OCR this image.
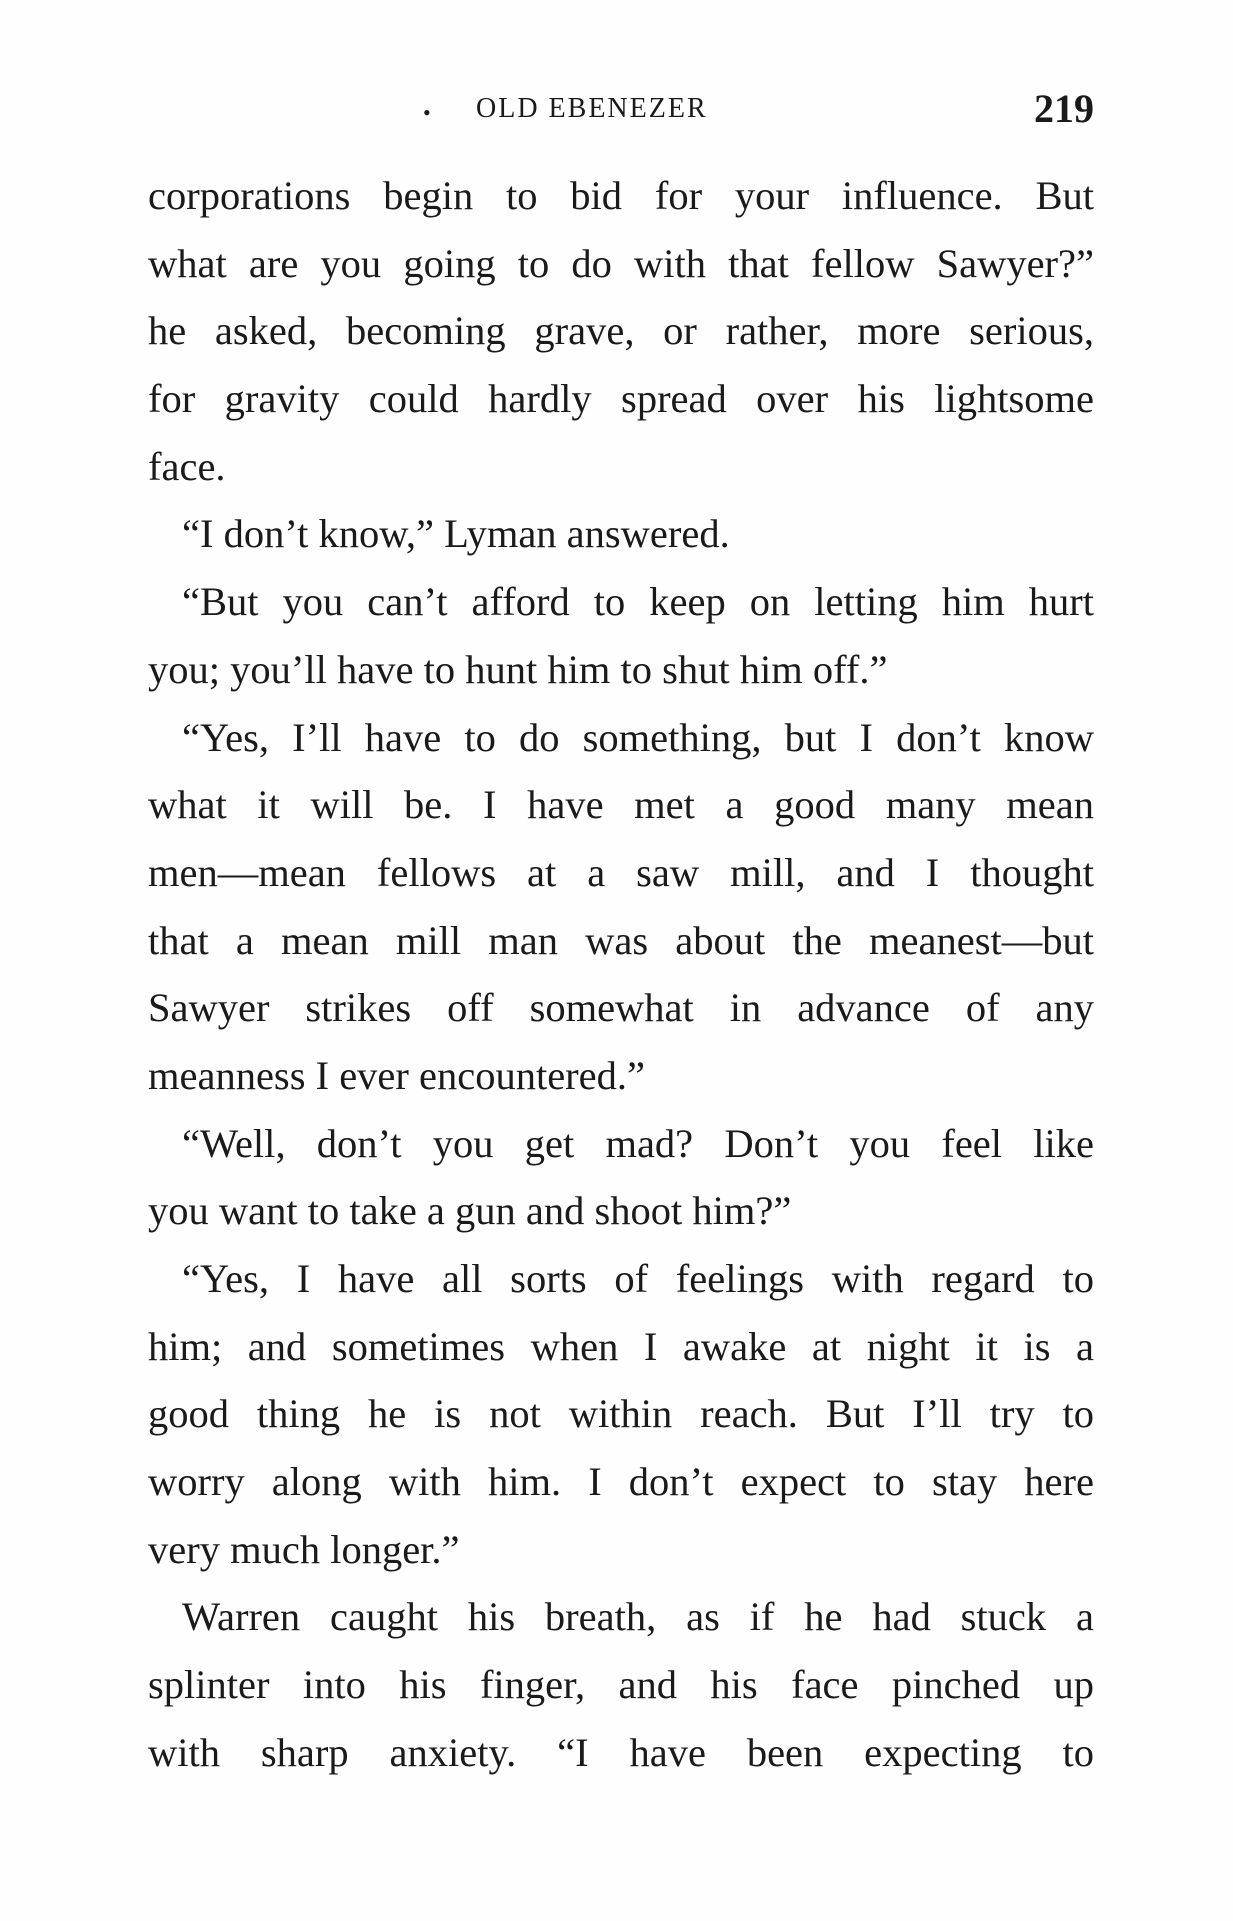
• OLD EBENEZER	219
corporations begin to bid for your influence. But
what are you going to do with that fellow Sawyer?”
he asked, becoming grave, or rather, more serious,
for gravity could hardly spread over his lightsome
face.
“I don’t know,” Lyman answered.
“But you can’t afford to keep on letting him hurt
you; you’ll have to hunt him to shut him off.”
“Yes, I’ll have to do something, but I don’t know
what it will be. I have met a good many mean
men—mean fellows at a saw mill, and I thought
that a mean mill man was about the meanest—but
Sawyer strikes off somewhat in advance of any
meanness I ever encountered.”
“Well, don’t you get mad? Don’t you feel like
you want to take a gun and shoot him?”
“Yes, I have all sorts of feelings with regard to
him; and sometimes when I awake at night it is a
good thing he is not within reach. But I’ll try to
worry along with him. I don’t expect to stay here
very much longer.”
Warren caught his breath, as if he had stuck a
splinter into his finger, and his face pinched up
with sharp anxiety. “I have been expecting to
